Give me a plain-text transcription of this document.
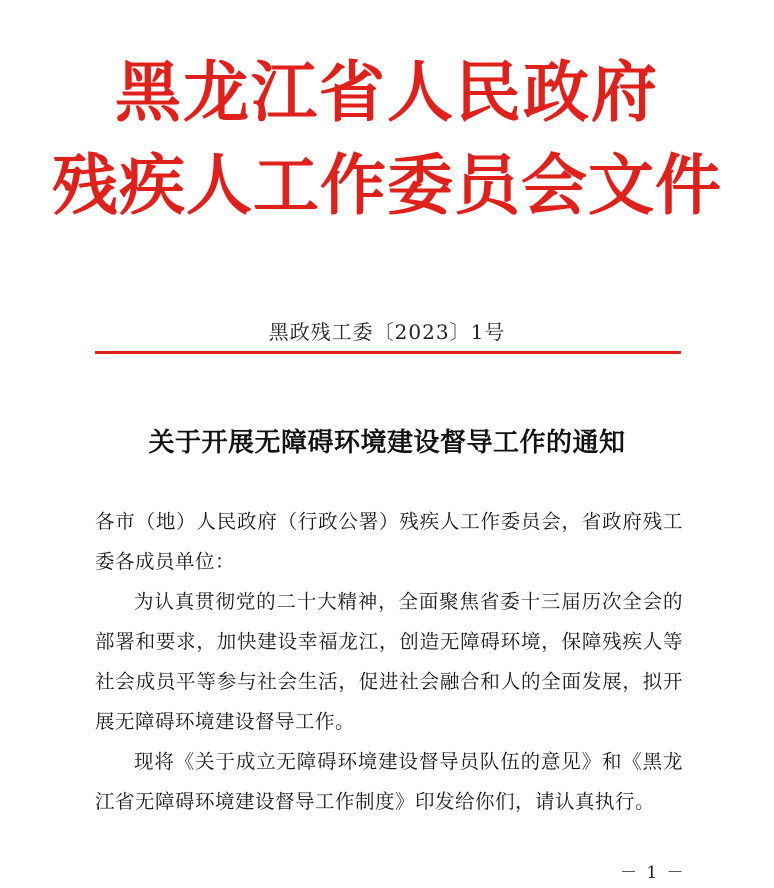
黑龙江省人民政府
残疾人工作委员会文件
黑政残工委〔2023〕1号
关于开展无障碍环境建设督导工作的通知
各市（地）人民政府（行政公署）残疾人工作委员会，省政府残工委各成员单位：
为认真贯彻党的二十大精神，全面聚焦省委十三届历次全会的部署和要求，加快建设幸福龙江，创造无障碍环境，保障残疾人等社会成员平等参与社会生活，促进社会融合和人的全面发展，拟开展无障碍环境建设督导工作。
现将《关于成立无障碍环境建设督导员队伍的意见》和《黑龙江省无障碍环境建设督导工作制度》印发给你们，请认真执行。
－ 1 －
